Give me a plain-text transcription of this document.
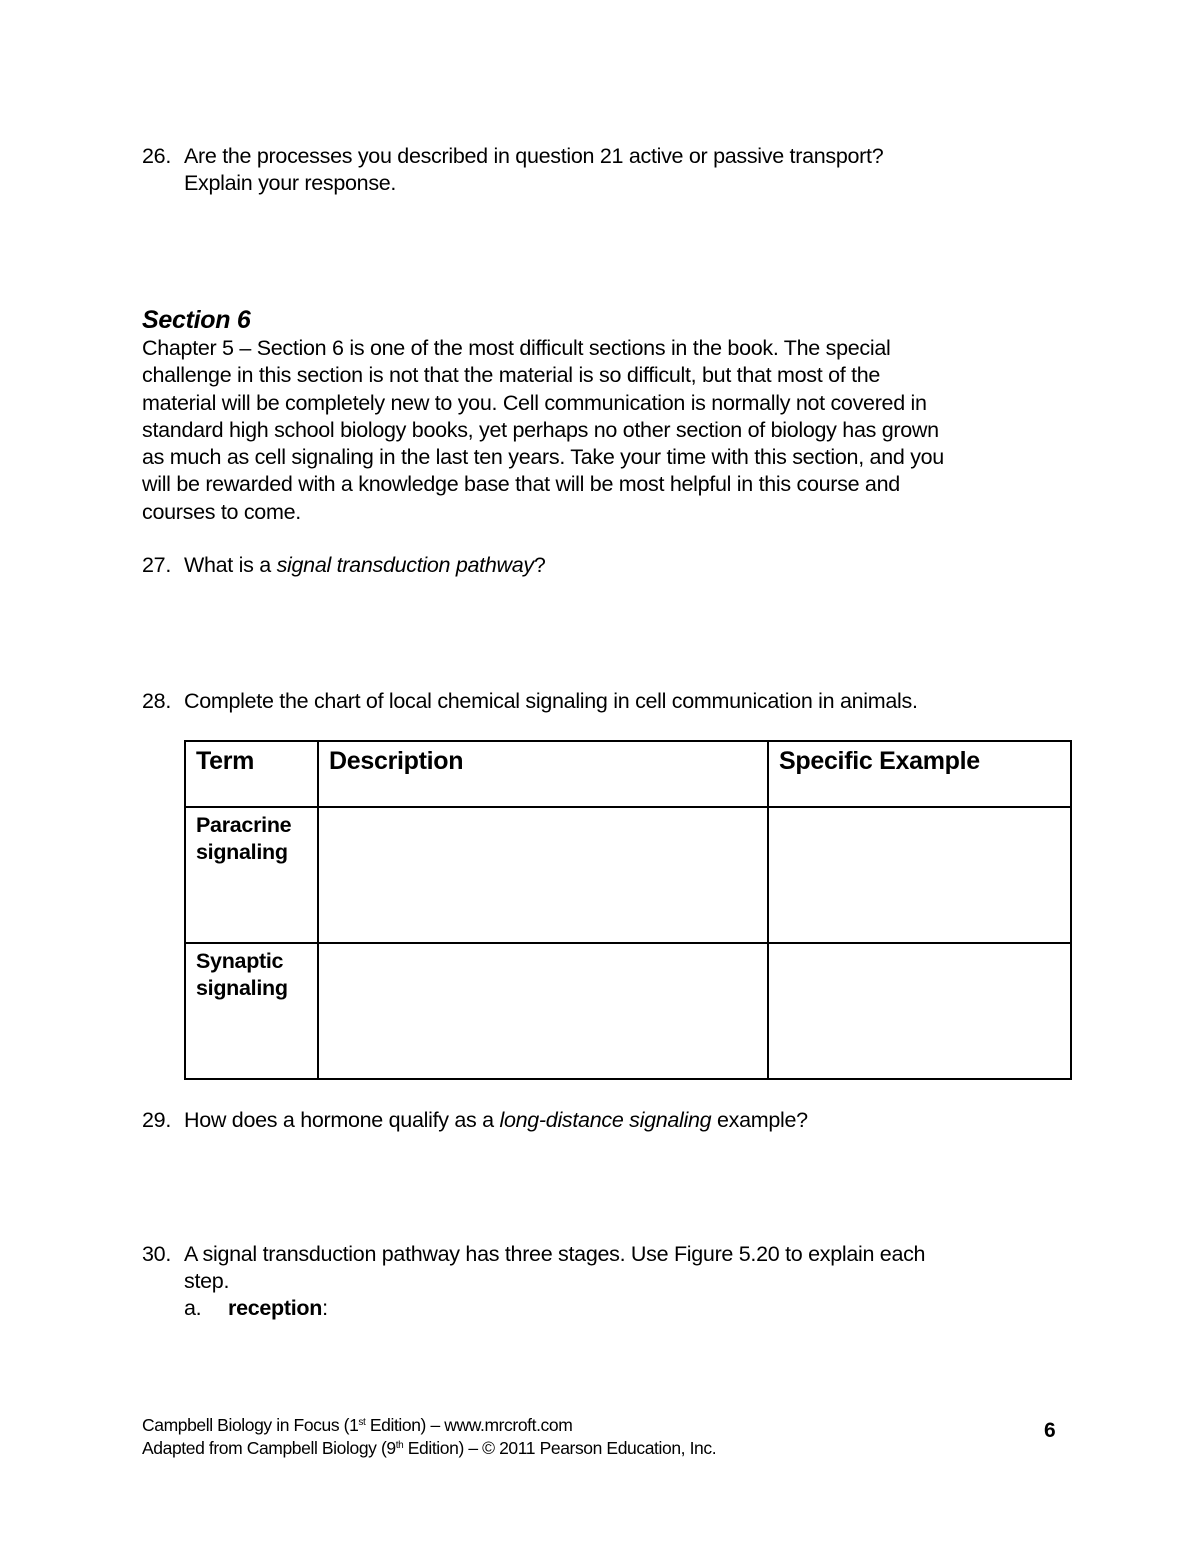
26. Are the processes you described in question 21 active or passive transport?
Explain your response.
Section 6
Chapter 5 – Section 6 is one of the most difficult sections in the book. The special
challenge in this section is not that the material is so difficult, but that most of the
material will be completely new to you. Cell communication is normally not covered in
standard high school biology books, yet perhaps no other section of biology has grown
as much as cell signaling in the last ten years. Take your time with this section, and you
will be rewarded with a knowledge base that will be most helpful in this course and
courses to come.
27. What is a signal transduction pathway?
28. Complete the chart of local chemical signaling in cell communication in animals.
Term	Description	Specific Example

Paracrine
signaling		

Synaptic
signaling		

29. How does a hormone qualify as a long-distance signaling example?
30. A signal transduction pathway has three stages. Use Figure 5.20 to explain each
step.
a. reception:
Campbell Biology in Focus (1st Edition) – www.mrcroft.com
Adapted from Campbell Biology (9th Edition) – © 2011 Pearson Education, Inc.
6
